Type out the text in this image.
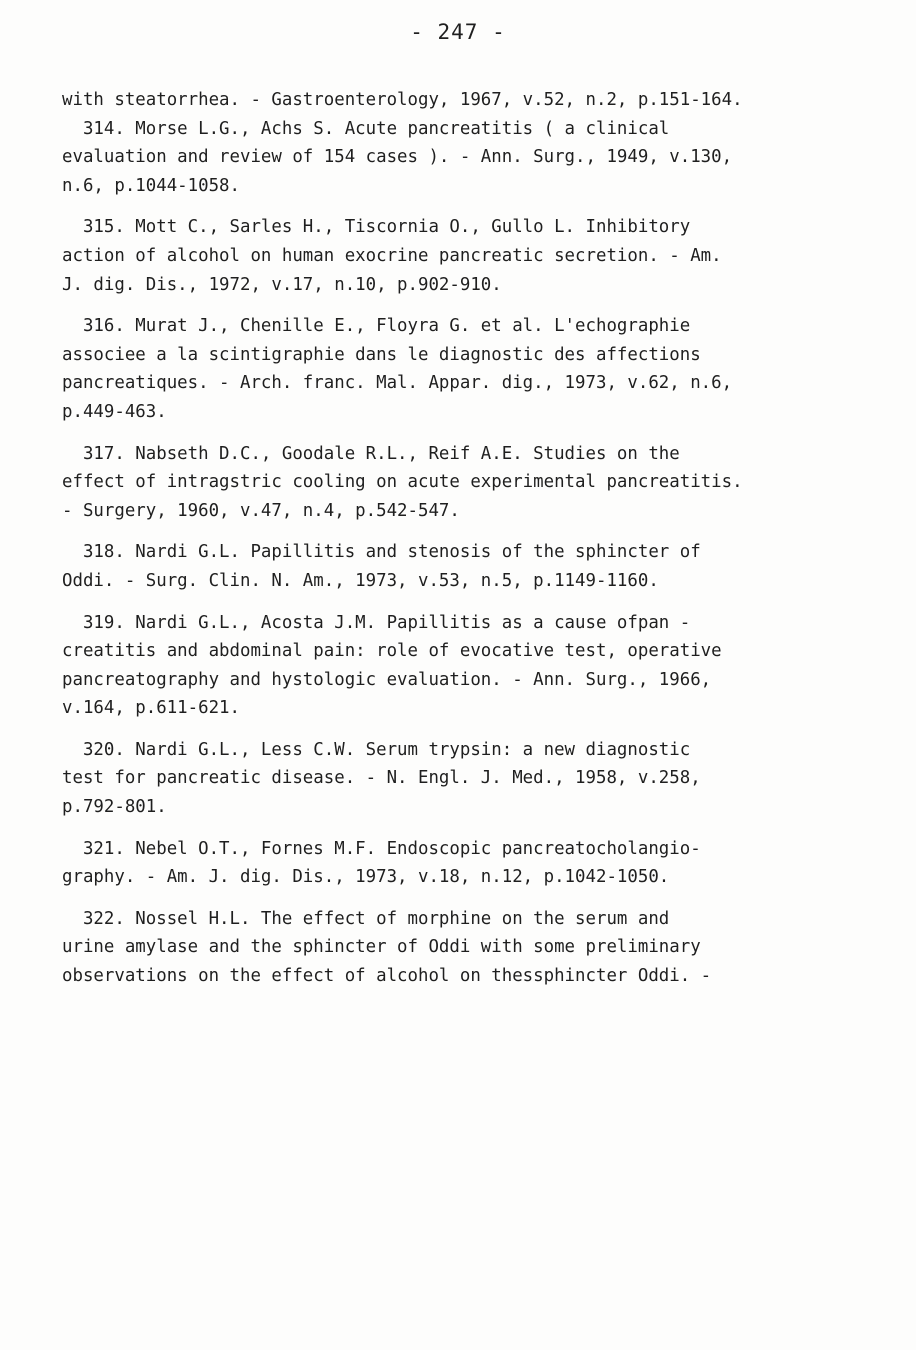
- 247 -
with steatorrhea. - Gastroenterology, 1967, v.52, n.2, p.151-164.
314. Morse L.G., Achs S. Acute pancreatitis ( a clinical
evaluation and review of 154 cases ). - Ann. Surg., 1949, v.130,
n.6, p.1044-1058.
315. Mott C., Sarles H., Tiscornia O., Gullo L. Inhibitory
action of alcohol on human exocrine pancreatic secretion. - Am.
J. dig. Dis., 1972, v.17, n.10, p.902-910.
316. Murat J., Chenille E., Floyra G. et al. L'echographie
associee a la scintigraphie dans le diagnostic des affections
pancreatiques. - Arch. franc. Mal. Appar. dig., 1973, v.62, n.6,
p.449-463.
317. Nabseth D.C., Goodale R.L., Reif A.E. Studies on the
effect of intragstric cooling on acute experimental pancreatitis.
- Surgery, 1960, v.47, n.4, p.542-547.
318. Nardi G.L. Papillitis and stenosis of the sphincter of
Oddi. - Surg. Clin. N. Am., 1973, v.53, n.5, p.1149-1160.
319. Nardi G.L., Acosta J.M. Papillitis as a cause ofpan -
creatitis and abdominal pain: role of evocative test, operative
pancreatography and hystologic evaluation. - Ann. Surg., 1966,
v.164, p.611-621.
320. Nardi G.L., Less C.W. Serum trypsin: a new diagnostic
test for pancreatic disease. - N. Engl. J. Med., 1958, v.258,
p.792-801.
321. Nebel O.T., Fornes M.F. Endoscopic pancreatocholangio-
graphy. - Am. J. dig. Dis., 1973, v.18, n.12, p.1042-1050.
322. Nossel H.L. The effect of morphine on the serum and
urine amylase and the sphincter of Oddi with some preliminary
observations on the effect of alcohol on thessphincter Oddi. -
